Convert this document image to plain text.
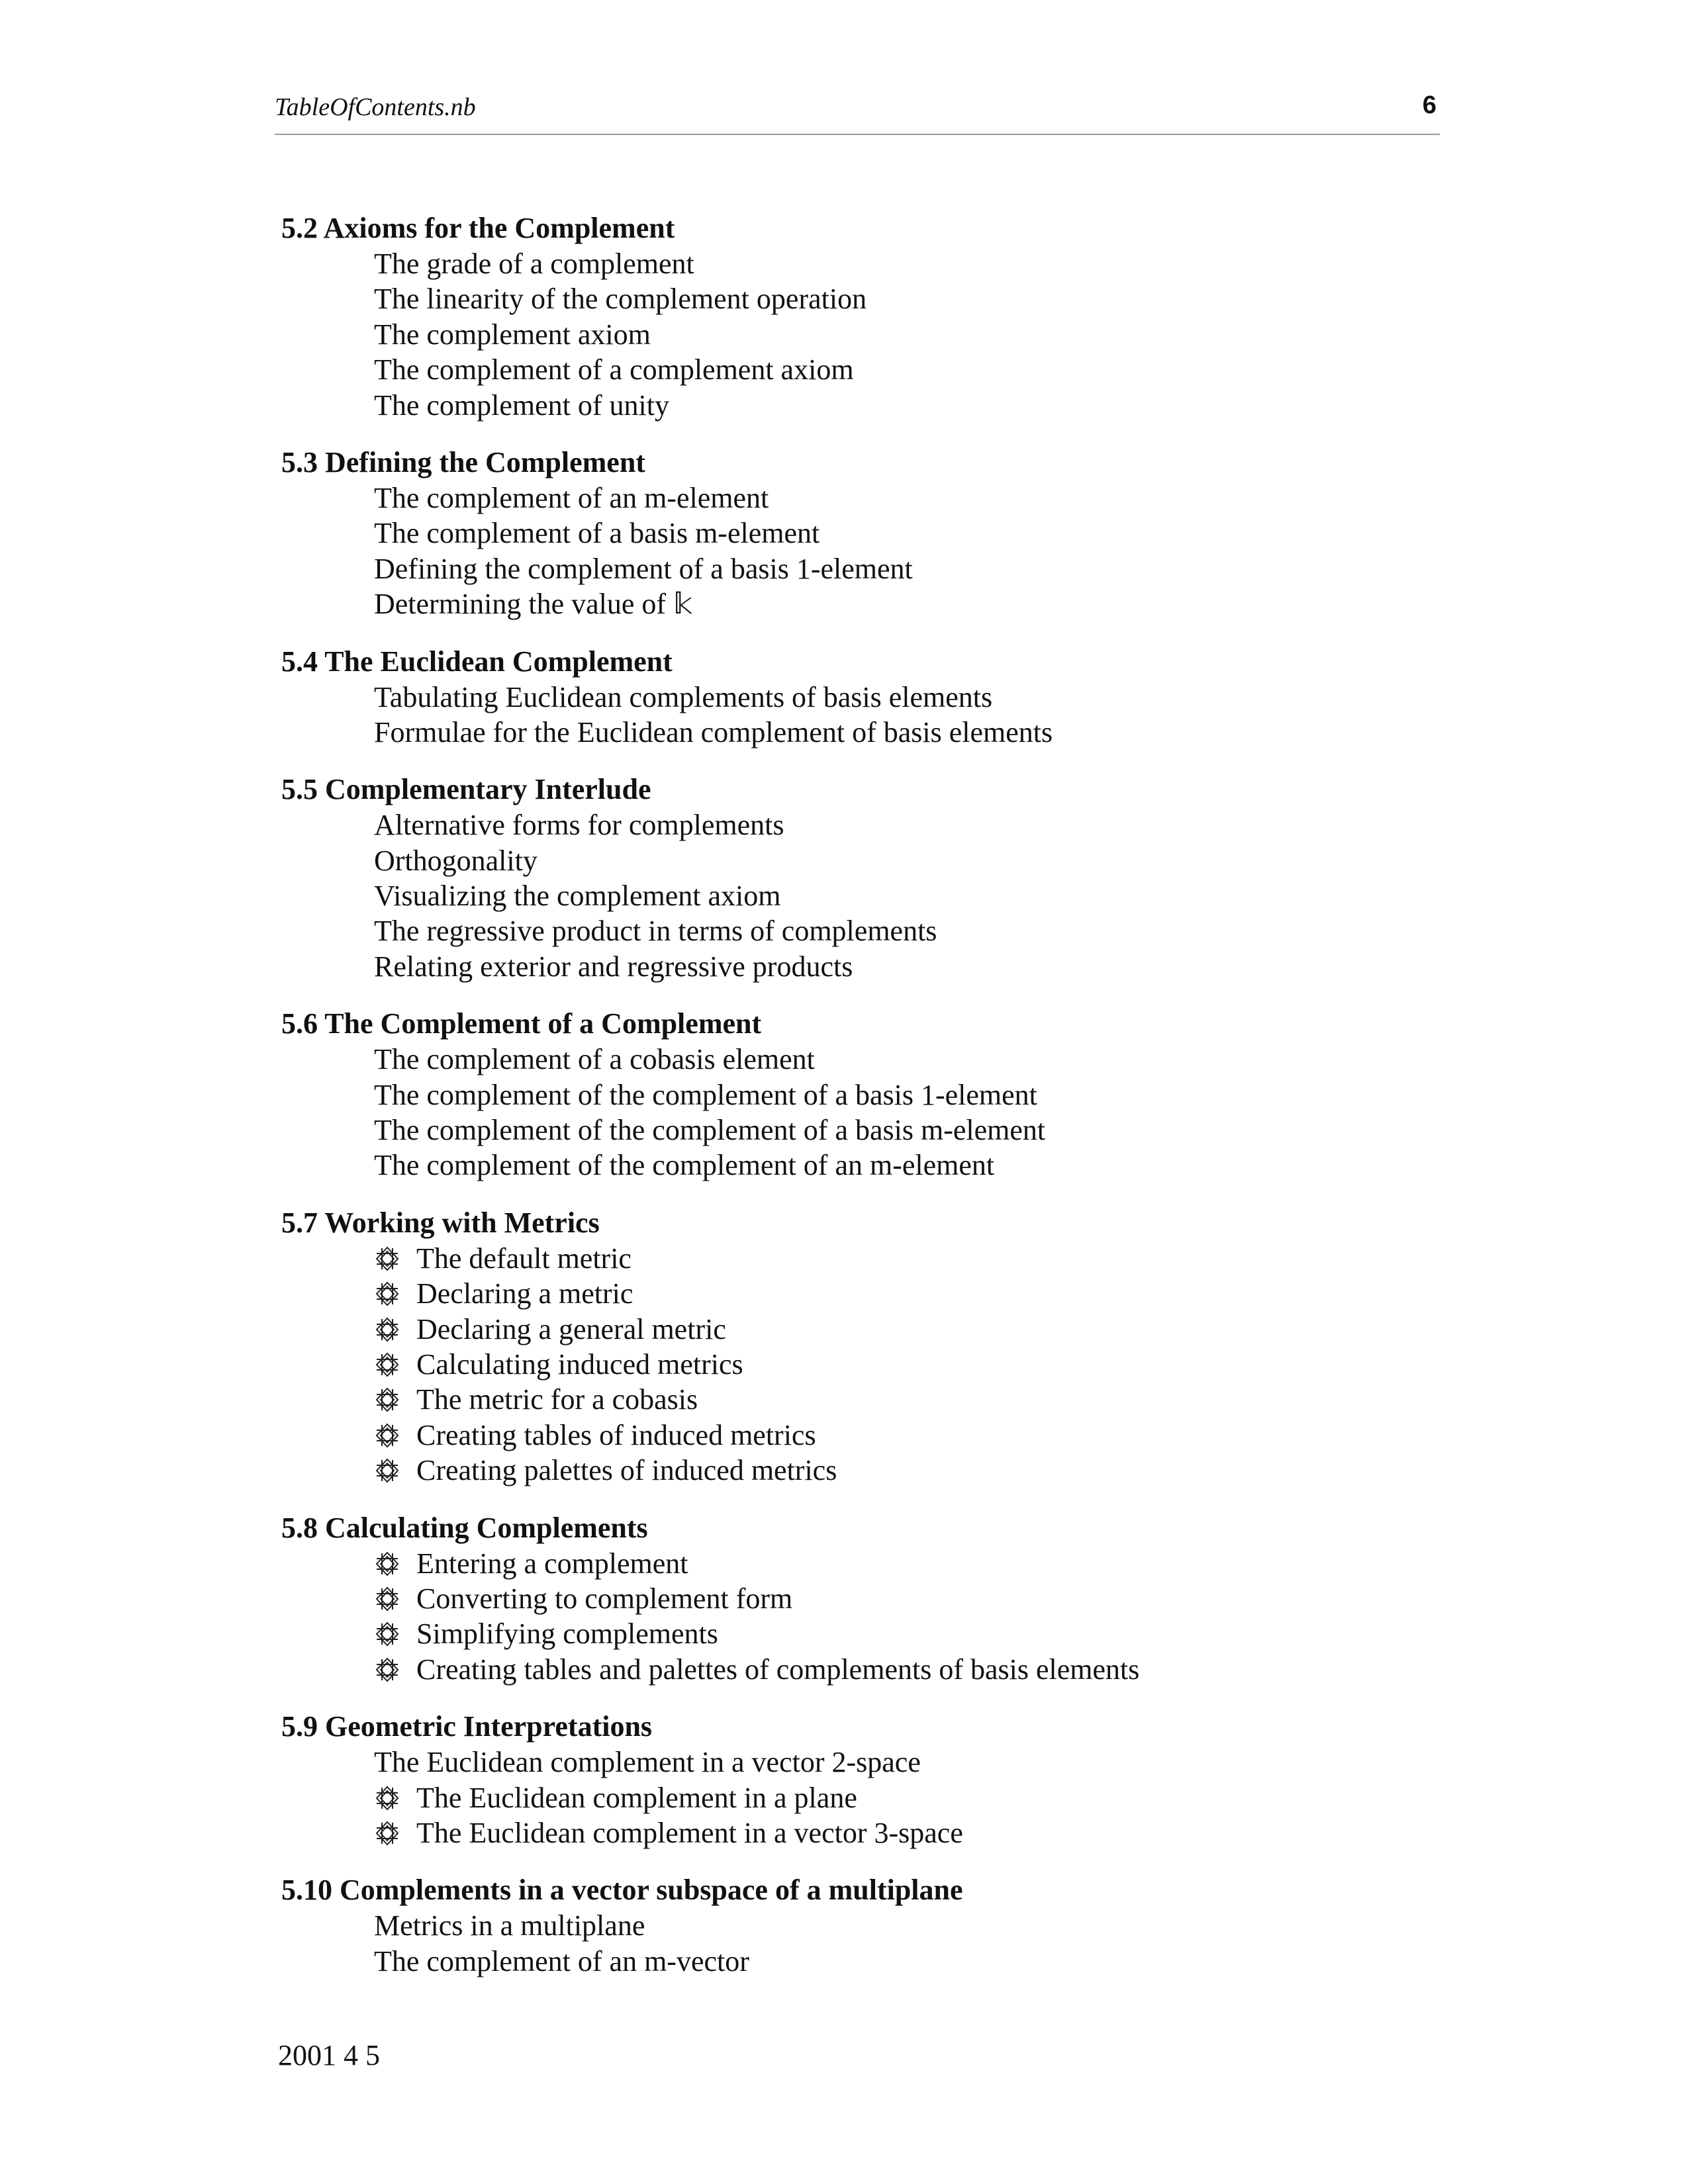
TableOfContents.nb	6
5.2 Axioms for the Complement
The grade of a complement
The linearity of the complement operation
The complement axiom
The complement of a complement axiom
The complement of unity
5.3 Defining the Complement
The complement of an m-element
The complement of a basis m-element
Defining the complement of a basis 1-element
Determining the value of 𝕜
5.4 The Euclidean Complement
Tabulating Euclidean complements of basis elements
Formulae for the Euclidean complement of basis elements
5.5 Complementary Interlude
Alternative forms for complements
Orthogonality
Visualizing the complement axiom
The regressive product in terms of complements
Relating exterior and regressive products
5.6 The Complement of a Complement
The complement of a cobasis element
The complement of the complement of a basis 1-element
The complement of the complement of a basis m-element
The complement of the complement of an m-element
5.7 Working with Metrics
The default metric
Declaring a metric
Declaring a general metric
Calculating induced metrics
The metric for a cobasis
Creating tables of induced metrics
Creating palettes of induced metrics
5.8 Calculating Complements
Entering a complement
Converting to complement form
Simplifying complements
Creating tables and palettes of complements of basis elements
5.9 Geometric Interpretations
The Euclidean complement in a vector 2-space
The Euclidean complement in a plane
The Euclidean complement in a vector 3-space
5.10 Complements in a vector subspace of a multiplane
Metrics in a multiplane
The complement of an m-vector
2001 4 5
